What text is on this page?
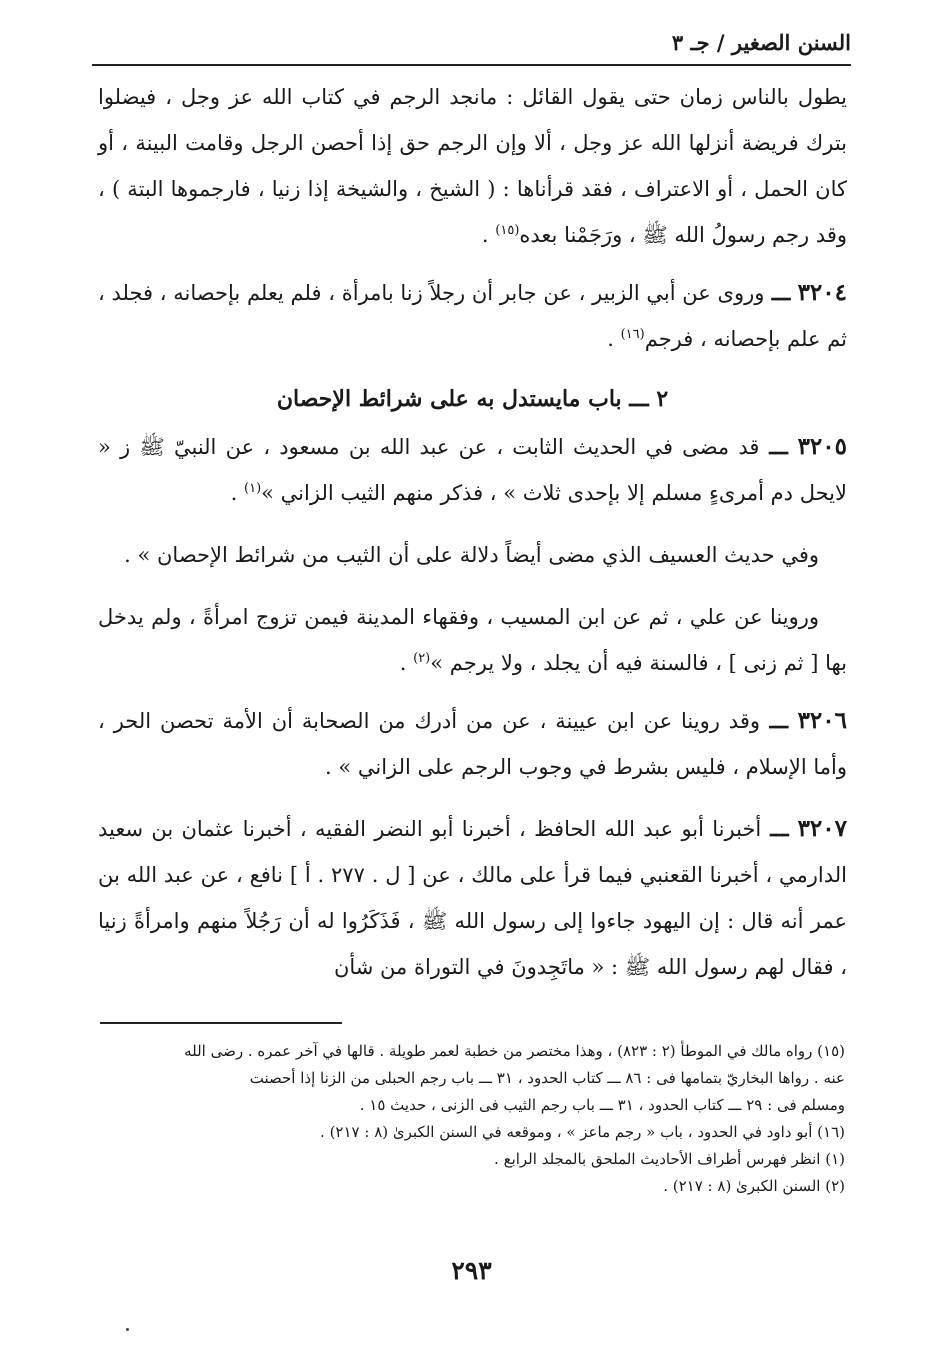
السنن الصغير / جـ ٣

يطول بالناس زمان حتى يقول القائل : مانجد الرجم في كتاب الله عز وجل ، فيضلوا بترك فريضة أنزلها الله عز وجل ، ألا وإن الرجم حق إذا أحصن الرجل وقامت البينة ، أو كان الحمل ، أو الاعتراف ، فقد قرأناها : ( الشيخ ، والشيخة إذا زنيا ، فارجموها البتة ) ، وقد رجم رسولُ الله ﷺ ، ورَجَمْنا بعده$^{(١٥)}$ .

٣٢٠٤ ـــ وروى عن أبي الزبير ، عن جابر أن رجلاً زنا بامرأة ، فلم يعلم بإحصانه ، فجلد ، ثم علم بإحصانه ، فرجم$^{(١٦)}$ .

٢ ـــ باب مايستدل به على شرائط الإحصان

٣٢٠٥ ـــ قد مضى في الحديث الثابت ، عن عبد الله بن مسعود ، عن النبيّ ﷺ ز « لايحل دم أمرىءٍ مسلم إلا بإحدى ثلاث » ، فذكر منهم الثيب الزاني »$^{(١)}$ .

وفي حديث العسيف الذي مضى أيضاً دلالة على أن الثيب من شرائط الإحصان » .

وروينا عن علي ، ثم عن ابن المسيب ، وفقهاء المدينة فيمن تزوج امرأةً ، ولم يدخل بها [ ثم زنى ] ، فالسنة فيه أن يجلد ، ولا يرجم »$^{(٢)}$ .

٣٢٠٦ ـــ وقد روينا عن ابن عيينة ، عن من أدرك من الصحابة أن الأمة تحصن الحر ، وأما الإسلام ، فليس بشرط في وجوب الرجم على الزاني » .

٣٢٠٧ ـــ أخبرنا أبو عبد الله الحافظ ، أخبرنا أبو النضر الفقيه ، أخبرنا عثمان بن سعيد الدارمي ، أخبرنا القعنبي فيما قرأ على مالك ، عن [ ل . ٢٧٧ . أ ] نافع ، عن عبد الله بن عمر أنه قال : إن اليهود جاءوا إلى رسول الله ﷺ ، فَذَكَرُوا له أن رَجُلاً منهم وامرأةً زنيا ، فقال لهم رسول الله ﷺ : « ماتَجِدونَ في التوراة من شأن

(١٥) رواه مالك في الموطأ (٢ : ٨٢٣) ، وهذا مختصر من خطبة لعمر طويلة . قالها في آخر عمره . رضى الله

عنه . رواها البخاريّ بتمامها فى : ٨٦ ـــ كتاب الحدود ، ٣١ ـــ باب رجم الحبلى من الزنا إذا أحصنت

ومسلم فى : ٢٩ ـــ كتاب الحدود ، ٣١ ـــ باب رجم الثيب فى الزنى ، حديث ١٥ .

(١٦) أبو داود في الحدود ، باب « رجم ماعز » ، وموقعه في السنن الكبرىٰ (٨ : ٢١٧) .

(١) انظر فهرس أطراف الأحاديث الملحق بالمجلد الرابع .

(٢) السنن الكبرىٰ (٨ : ٢١٧) .

٢٩٣
